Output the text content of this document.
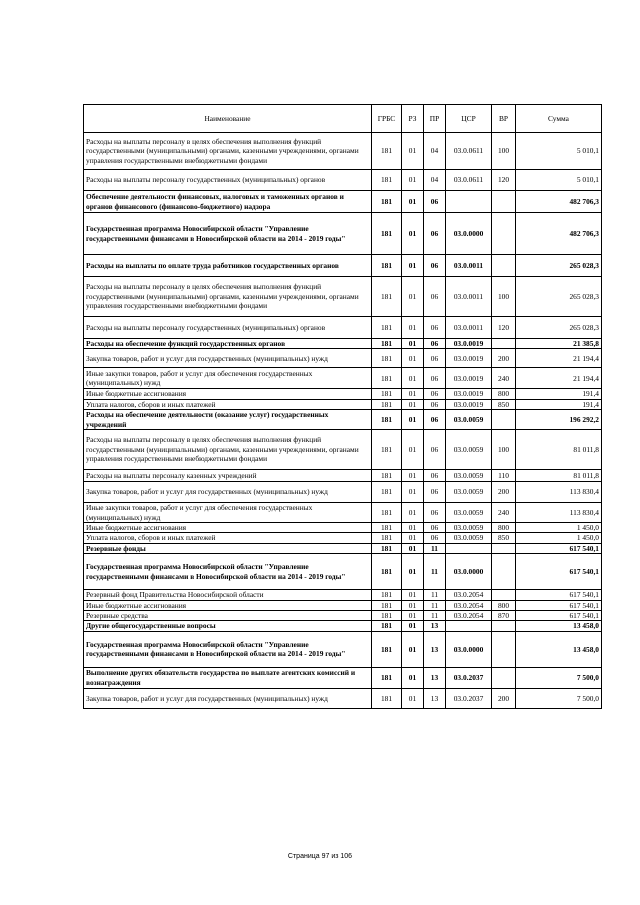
Наименование	ГРБС	РЗ	ПР	ЦСР	ВР	Сумма
Расходы на выплаты персоналу в целях обеспечения выполнения функций государственными (муниципальными) органами, казенными учреждениями, органами управления государственными внебюджетными фондами	181	01	04	03.0.0611	100	5 010,1
Расходы на выплаты персоналу государственных (муниципальных) органов	181	01	04	03.0.0611	120	5 010,1
Обеспечение деятельности финансовых, налоговых и таможенных органов и органов финансового (финансово-бюджетного) надзора	181	01	06			482 706,3
Государственная программа Новосибирской области "Управление государственными финансами в Новосибирской области на 2014 - 2019 годы"	181	01	06	03.0.0000		482 706,3
Расходы на выплаты по оплате труда работников государственных органов	181	01	06	03.0.0011		265 028,3
Расходы на выплаты персоналу в целях обеспечения выполнения функций государственными (муниципальными) органами, казенными учреждениями, органами управления государственными внебюджетными фондами	181	01	06	03.0.0011	100	265 028,3
Расходы на выплаты персоналу государственных (муниципальных) органов	181	01	06	03.0.0011	120	265 028,3
Расходы на обеспечение функций государственных органов	181	01	06	03.0.0019		21 385,8
Закупка товаров, работ и услуг для государственных (муниципальных) нужд	181	01	06	03.0.0019	200	21 194,4
Иные закупки товаров, работ и услуг для обеспечения государственных (муниципальных) нужд	181	01	06	03.0.0019	240	21 194,4
Иные бюджетные ассигнования	181	01	06	03.0.0019	800	191,4
Уплата налогов, сборов и иных платежей	181	01	06	03.0.0019	850	191,4
Расходы на обеспечение деятельности (оказание услуг) государственных учреждений	181	01	06	03.0.0059		196 292,2
Расходы на выплаты персоналу в целях обеспечения выполнения функций государственными (муниципальными) органами, казенными учреждениями, органами управления государственными внебюджетными фондами	181	01	06	03.0.0059	100	81 011,8
Расходы на выплаты персоналу казенных учреждений	181	01	06	03.0.0059	110	81 011,8
Закупка товаров, работ и услуг для государственных (муниципальных) нужд	181	01	06	03.0.0059	200	113 830,4
Иные закупки товаров, работ и услуг для обеспечения государственных (муниципальных) нужд	181	01	06	03.0.0059	240	113 830,4
Иные бюджетные ассигнования	181	01	06	03.0.0059	800	1 450,0
Уплата налогов, сборов и иных платежей	181	01	06	03.0.0059	850	1 450,0
Резервные фонды	181	01	11			617 540,1
Государственная программа Новосибирской области "Управление государственными финансами в Новосибирской области на 2014 - 2019 годы"	181	01	11	03.0.0000		617 540,1
Резервный фонд Правительства Новосибирской области	181	01	11	03.0.2054		617 540,1
Иные бюджетные ассигнования	181	01	11	03.0.2054	800	617 540,1
Резервные средства	181	01	11	03.0.2054	870	617 540,1
Другие общегосударственные вопросы	181	01	13			13 458,0
Государственная программа Новосибирской области "Управление государственными финансами в Новосибирской области на 2014 - 2019 годы"	181	01	13	03.0.0000		13 458,0
Выполнение других обязательств государства по выплате агентских комиссий и вознаграждения	181	01	13	03.0.2037		7 500,0
Закупка товаров, работ и услуг для государственных (муниципальных) нужд	181	01	13	03.0.2037	200	7 500,0
Страница 97 из 106
